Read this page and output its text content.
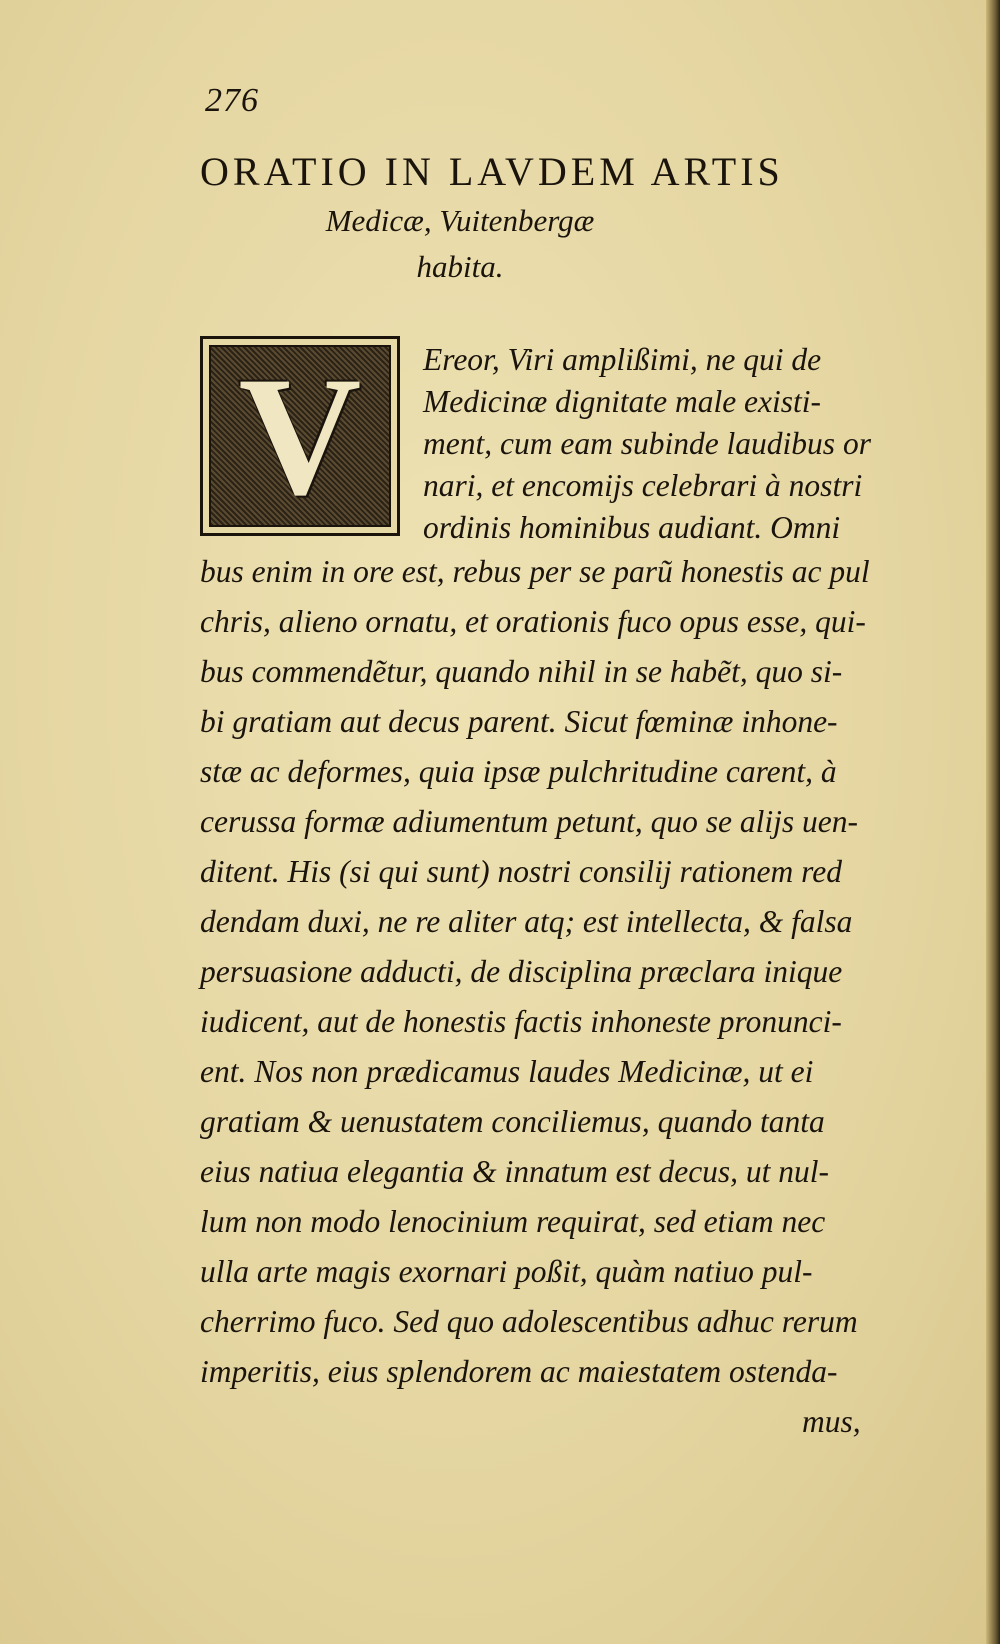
276
ORATIO IN LAVDEM ARTIS
Medicæ, Vuitenbergæ
habita.
V Ereor, Viri amplißimi, ne qui de
Medicinæ dignitate male existi-
ment, cum eam subinde laudibus or
nari, et encomijs celebrari à nostri
ordinis hominibus audiant. Omni
bus enim in ore est, rebus per se parũ honestis ac pul
chris, alieno ornatu, et orationis fuco opus esse, qui-
bus commendẽtur, quando nihil in se habẽt, quo si-
bi gratiam aut decus parent. Sicut fœminæ inhone-
stæ ac deformes, quia ipsæ pulchritudine carent, à
cerussa formæ adiumentum petunt, quo se alijs uen-
ditent. His (si qui sunt) nostri consilij rationem red
dendam duxi, ne re aliter atq; est intellecta, & falsa
persuasione adducti, de disciplina præclara inique
iudicent, aut de honestis factis inhoneste pronunci-
ent. Nos non prædicamus laudes Medicinæ, ut ei
gratiam & uenustatem conciliemus, quando tanta
eius natiua elegantia & innatum est decus, ut nul-
lum non modo lenocinium requirat, sed etiam nec
ulla arte magis exornari poßit, quàm natiuo pul-
cherrimo fuco. Sed quo adolescentibus adhuc rerum
imperitis, eius splendorem ac maiestatem ostenda-
mus,
